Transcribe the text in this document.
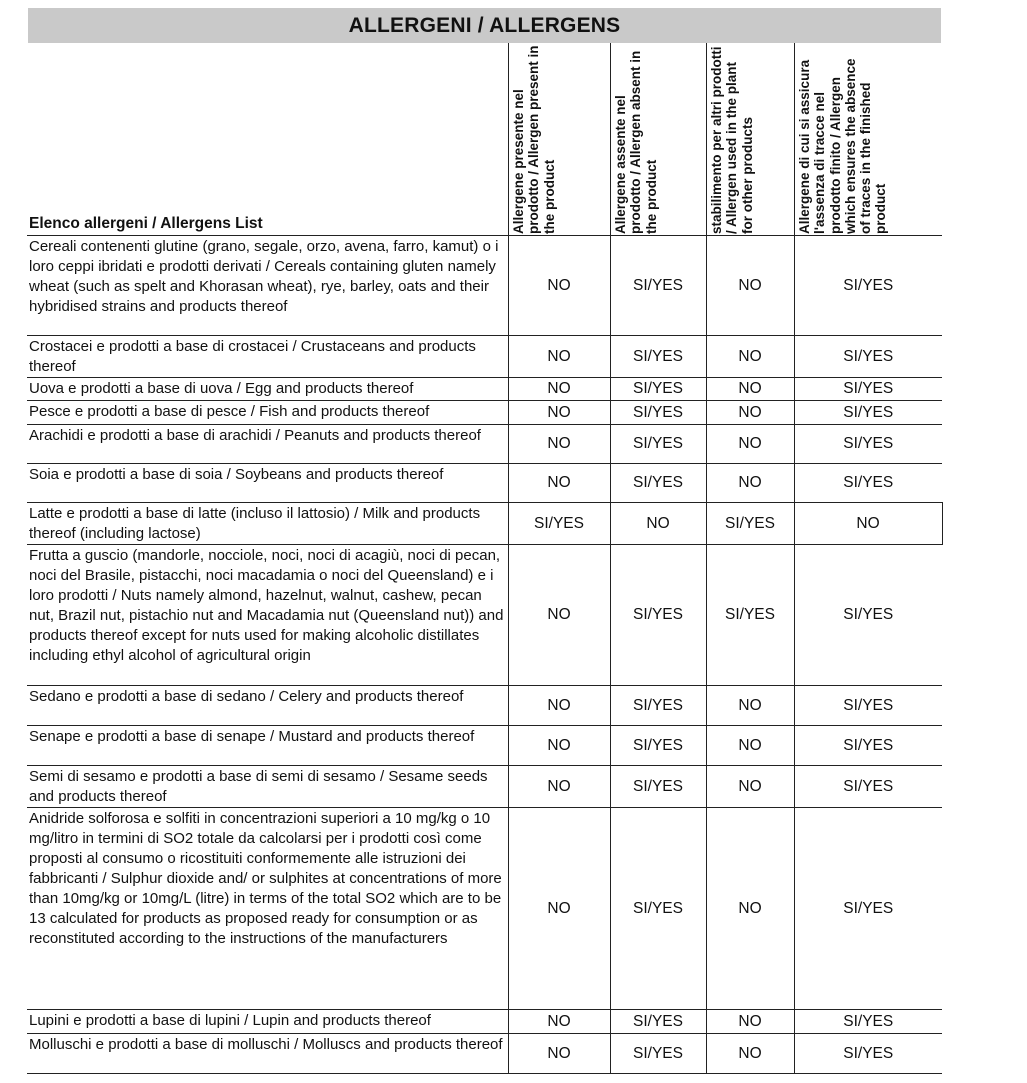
ALLERGENI / ALLERGENS
Elenco allergeni / Allergens List	Allergene presente nel prodotto / Allergen present in the product	Allergene assente nel prodotto / Allergen absent in the product	stabilimento per altri prodotti / Allergen used in the plant for other products	Allergene di cui si assicura l'assenza di tracce nel prodotto finito / Allergen which ensures the absence of traces in the finished product

Cereali contenenti glutine (grano, segale, orzo, avena, farro, kamut) o i loro ceppi ibridati e prodotti derivati / Cereals containing gluten namely wheat (such as spelt and Khorasan wheat), rye, barley, oats and their hybridised strains and products thereof	NO	SI/YES	NO	SI/YES
Crostacei e prodotti a base di crostacei / Crustaceans and products thereof	NO	SI/YES	NO	SI/YES
Uova e prodotti a base di uova / Egg and products thereof	NO	SI/YES	NO	SI/YES
Pesce e prodotti a base di pesce / Fish and products thereof	NO	SI/YES	NO	SI/YES
Arachidi e prodotti a base di arachidi / Peanuts and products thereof	NO	SI/YES	NO	SI/YES
Soia e prodotti a base di soia / Soybeans and products thereof	NO	SI/YES	NO	SI/YES
Latte e prodotti a base di latte (incluso il lattosio) / Milk and products thereof (including lactose)	SI/YES	NO	SI/YES	NO
Frutta a guscio (mandorle, nocciole, noci, noci di acagiù, noci di pecan, noci del Brasile, pistacchi, noci macadamia o noci del Queensland) e i loro prodotti / Nuts namely almond, hazelnut, walnut, cashew, pecan nut, Brazil nut, pistachio nut and Macadamia nut (Queensland nut)) and products thereof except for nuts used for making alcoholic distillates including ethyl alcohol of agricultural origin	NO	SI/YES	SI/YES	SI/YES
Sedano e prodotti a base di sedano / Celery and products thereof	NO	SI/YES	NO	SI/YES
Senape e prodotti a base di senape / Mustard and products thereof	NO	SI/YES	NO	SI/YES
Semi di sesamo e prodotti a base di semi di sesamo / Sesame seeds and products thereof	NO	SI/YES	NO	SI/YES
Anidride solforosa e solfiti in concentrazioni superiori a 10 mg/kg o 10 mg/litro in termini di SO2 totale da calcolarsi per i prodotti così come proposti al consumo o ricostituiti conformemente alle istruzioni dei fabbricanti / Sulphur dioxide and/ or sulphites at concentrations of more than 10mg/kg or 10mg/L (litre) in terms of the total SO2 which are to be 13 calculated for products as proposed ready for consumption or as reconstituted according to the instructions of the manufacturers	NO	SI/YES	NO	SI/YES
Lupini e prodotti a base di lupini / Lupin and products thereof	NO	SI/YES	NO	SI/YES
Molluschi e prodotti a base di molluschi / Molluscs and products thereof	NO	SI/YES	NO	SI/YES
